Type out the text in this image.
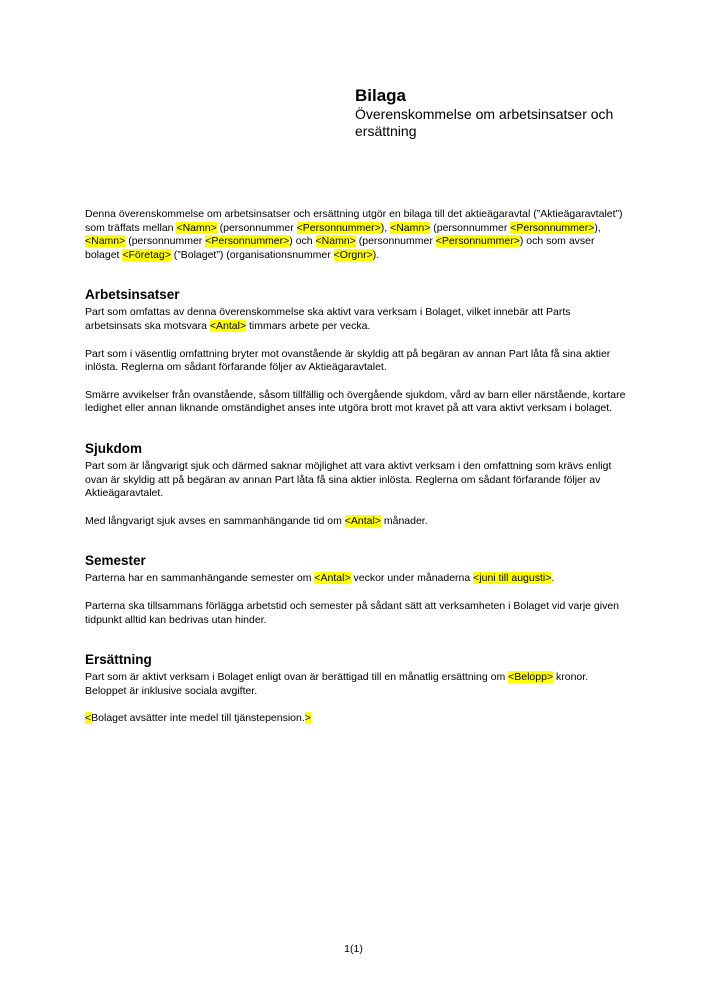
Bilaga
Överenskommelse om arbetsinsatser och ersättning

Denna överenskommelse om arbetsinsatser och ersättning utgör en bilaga till det aktieägaravtal (”Aktieägaravtalet”) som träffats mellan <Namn> (personnummer <Personnummer>), <Namn> (personnummer <Personnummer>), <Namn> (personnummer <Personnummer>) och <Namn> (personnummer <Personnummer>) och som avser bolaget <Företag> (”Bolaget”) (organisationsnummer <Orgnr>).

Arbetsinsatser

Part som omfattas av denna överenskommelse ska aktivt vara verksam i Bolaget, vilket innebär att Parts arbetsinsats ska motsvara <Antal> timmars arbete per vecka.

Part som i väsentlig omfattning bryter mot ovanstående är skyldig att på begäran av annan Part låta få sina aktier inlösta. Reglerna om sådant förfarande följer av Aktieägaravtalet.

Smärre avvikelser från ovanstående, såsom tillfällig och övergående sjukdom, vård av barn eller närstående, kortare ledighet eller annan liknande omständighet anses inte utgöra brott mot kravet på att vara aktivt verksam i bolaget.

Sjukdom

Part som är långvarigt sjuk och därmed saknar möjlighet att vara aktivt verksam i den omfattning som krävs enligt ovan är skyldig att på begäran av annan Part låta få sina aktier inlösta. Reglerna om sådant förfarande följer av Aktieägaravtalet.

Med långvarigt sjuk avses en sammanhängande tid om <Antal> månader.

Semester

Parterna har en sammanhängande semester om <Antal> veckor under månaderna <juni till augusti>.

Parterna ska tillsammans förlägga arbetstid och semester på sådant sätt att verksamheten i Bolaget vid varje given tidpunkt alltid kan bedrivas utan hinder.

Ersättning

Part som är aktivt verksam i Bolaget enligt ovan är berättigad till en månatlig ersättning om <Belopp> kronor. Beloppet är inklusive sociala avgifter.

<Bolaget avsätter inte medel till tjänstepension.>

1(1)
